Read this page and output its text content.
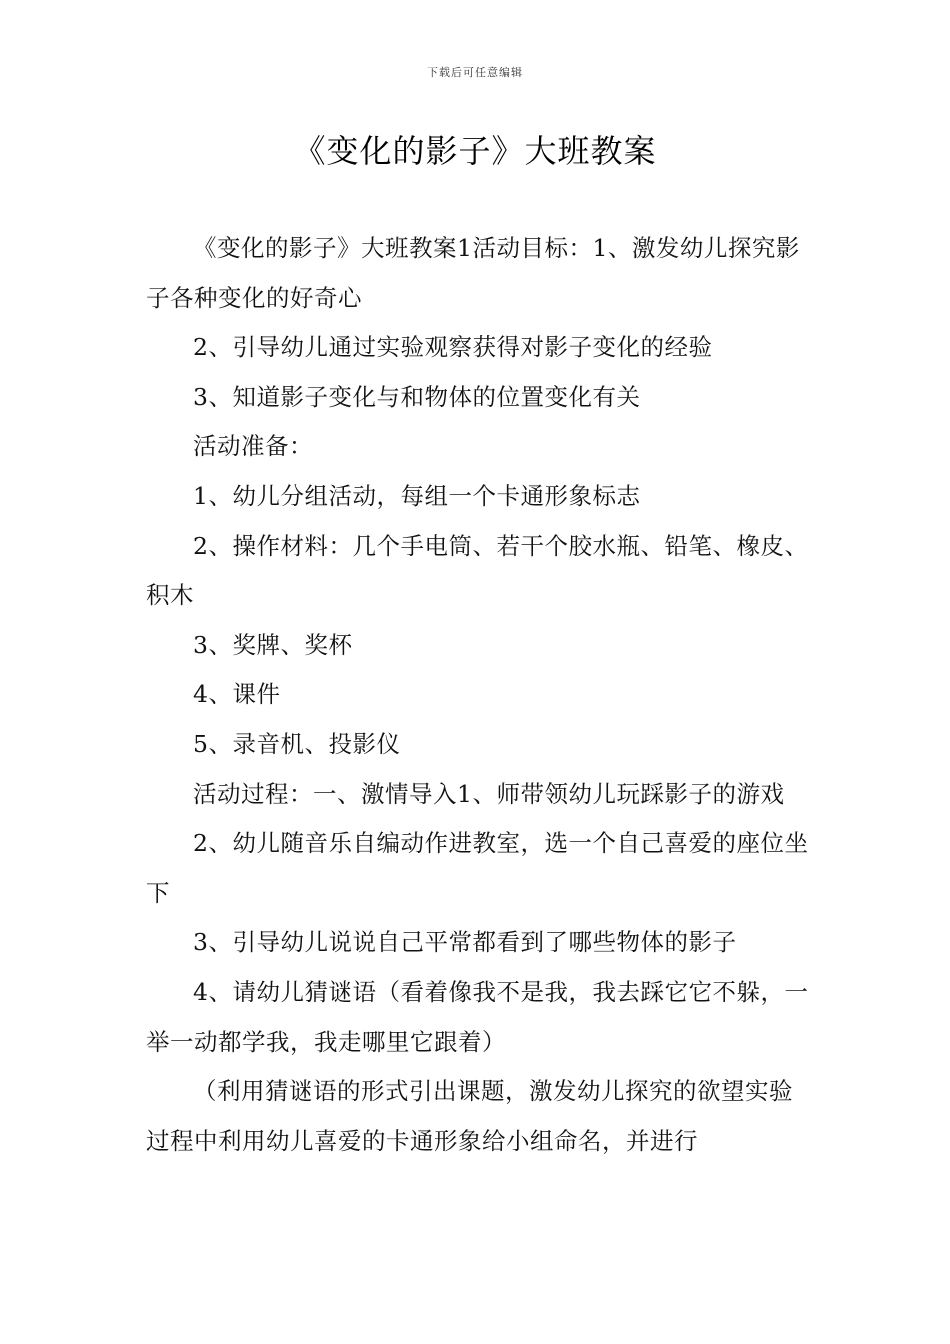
下载后可任意编辑
《变化的影子》大班教案

《变化的影子》大班教案1活动目标：1、激发幼儿探究影子各种变化的好奇心

2、引导幼儿通过实验观察获得对影子变化的经验

3、知道影子变化与和物体的位置变化有关

活动准备：

1、幼儿分组活动，每组一个卡通形象标志

2、操作材料：几个手电筒、若干个胶水瓶、铅笔、橡皮、积木

3、奖牌、奖杯

4、课件

5、录音机、投影仪

活动过程：一、激情导入1、师带领幼儿玩踩影子的游戏

2、幼儿随音乐自编动作进教室，选一个自己喜爱的座位坐下

3、引导幼儿说说自己平常都看到了哪些物体的影子

4、请幼儿猜谜语（看着像我不是我，我去踩它它不躲，一举一动都学我，我走哪里它跟着）

（利用猜谜语的形式引出课题，激发幼儿探究的欲望实验过程中利用幼儿喜爱的卡通形象给小组命名，并进行
